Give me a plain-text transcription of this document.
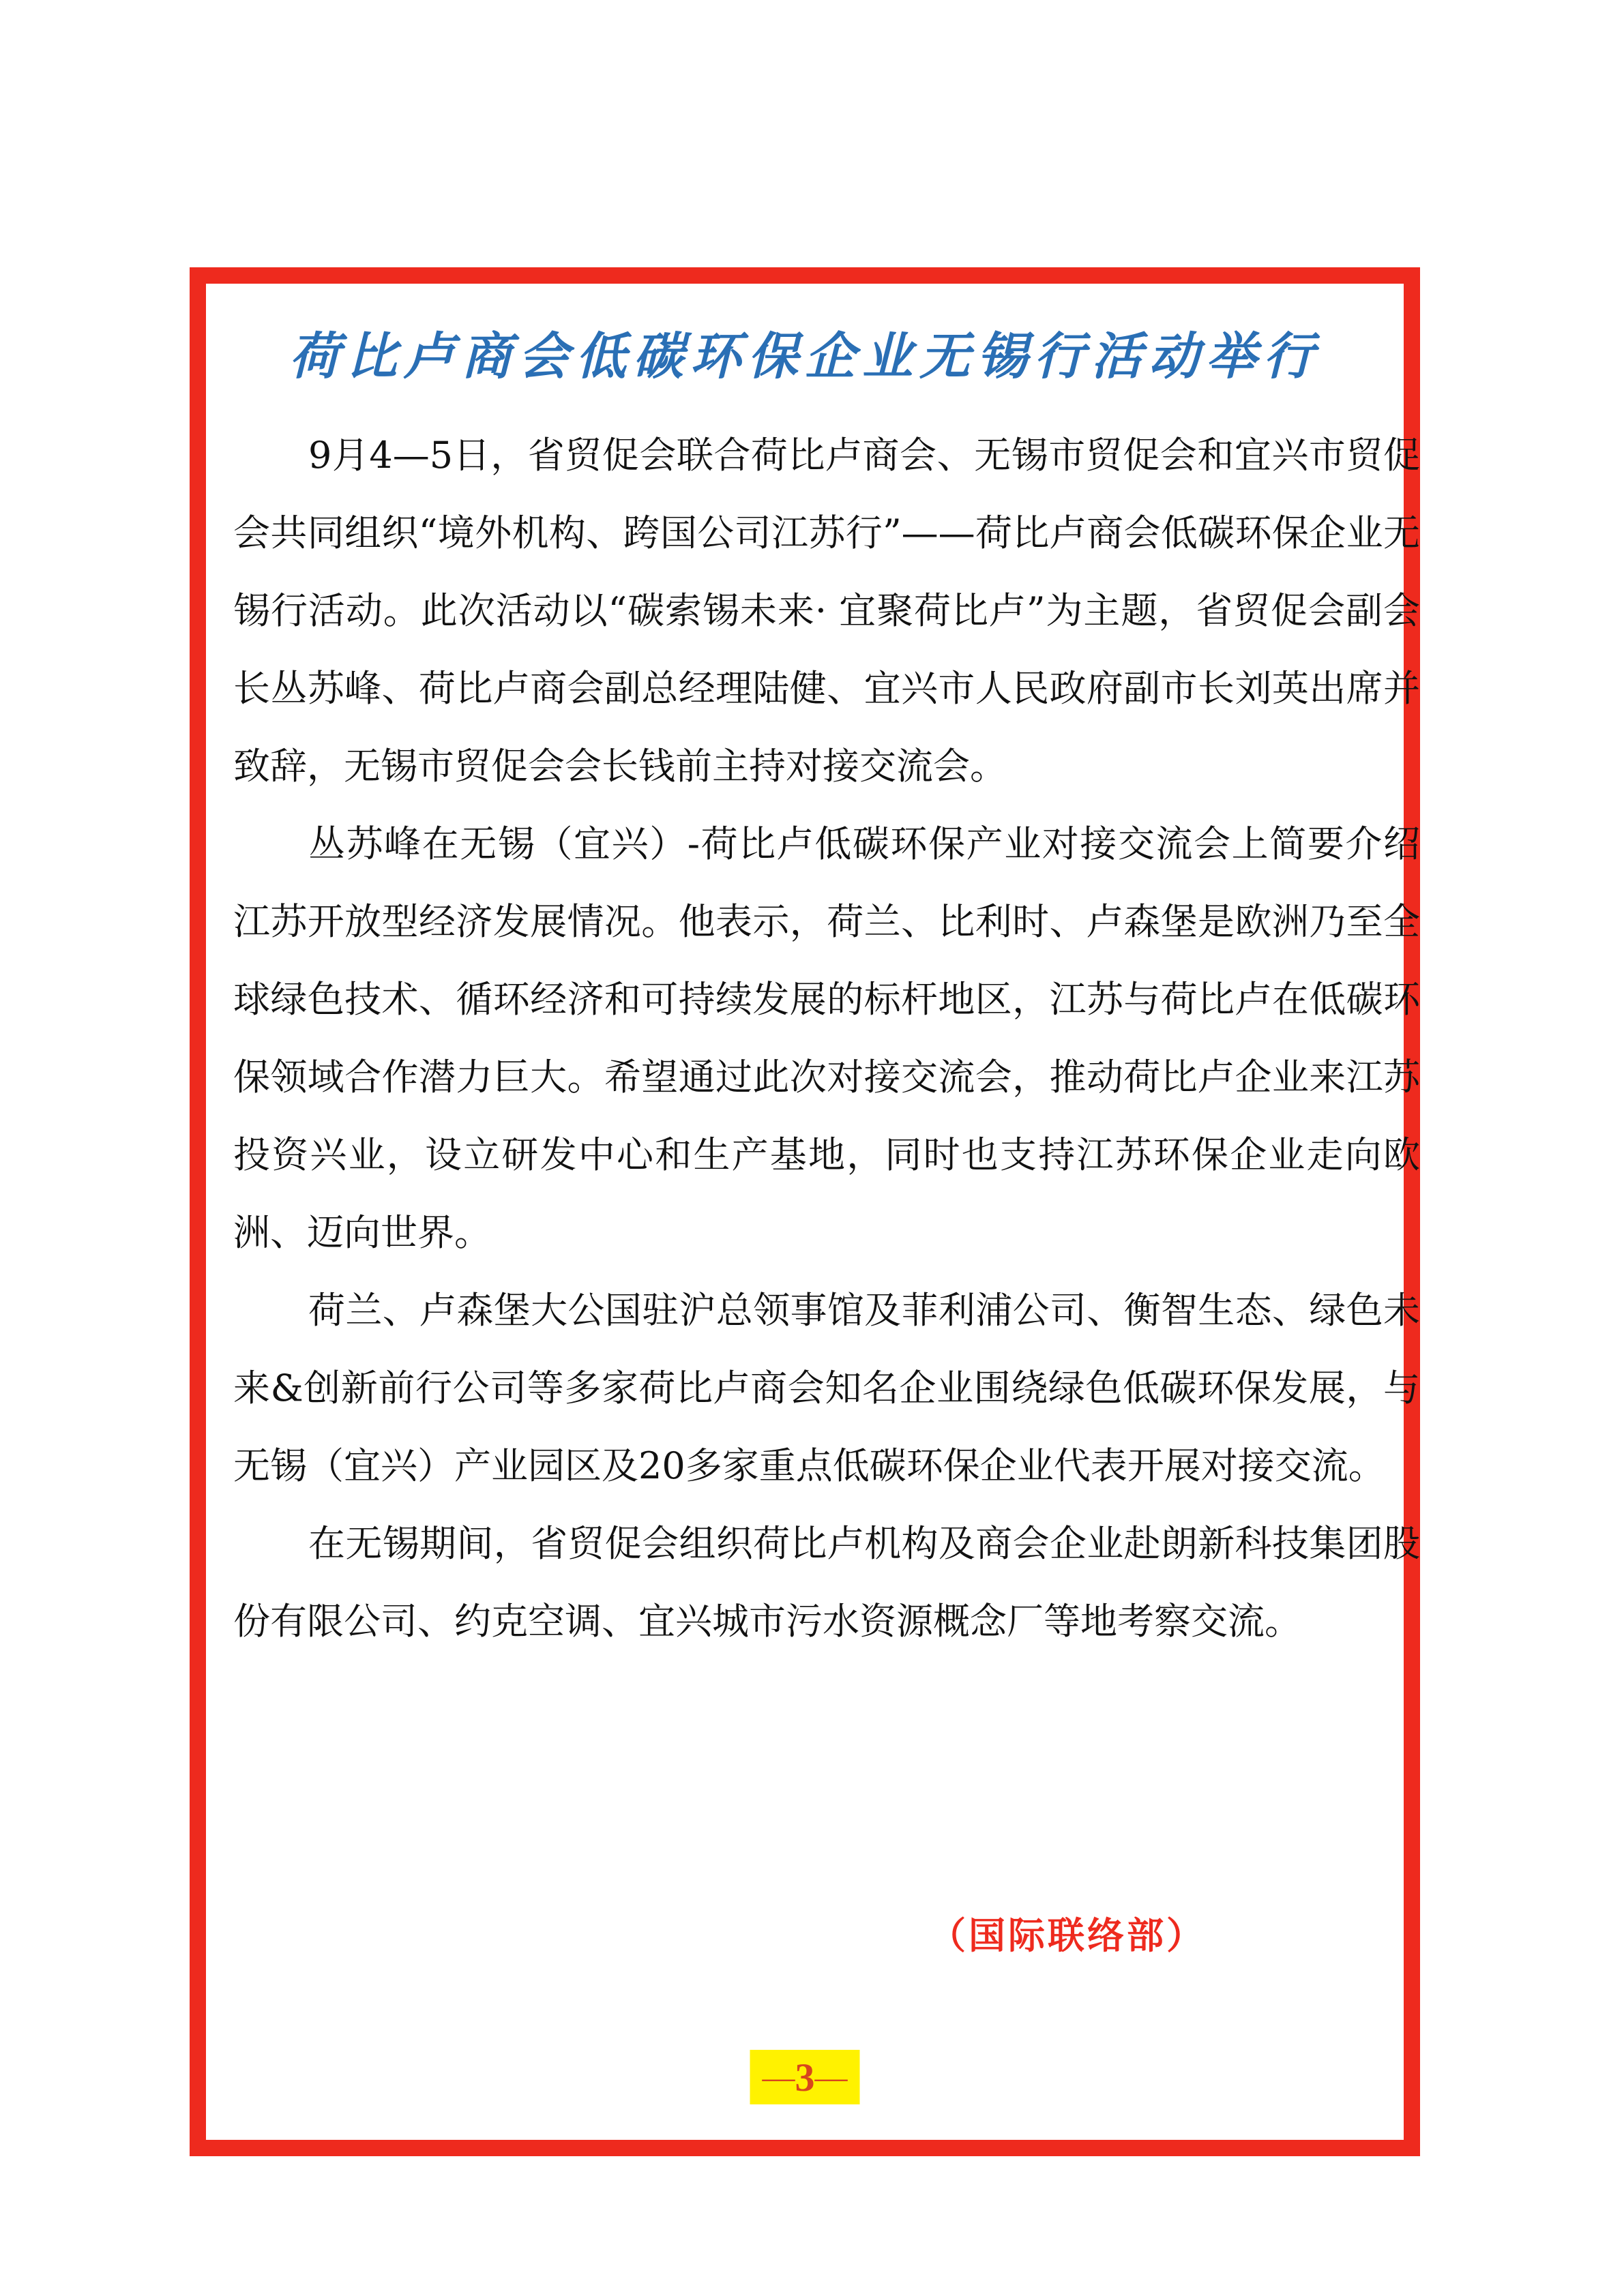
荷比卢商会低碳环保企业无锡行活动举行

9月4—5日，省贸促会联合荷比卢商会、无锡市贸促会和宜兴市贸促会共同组织“境外机构、跨国公司江苏行”——荷比卢商会低碳环保企业无锡行活动。此次活动以“碳索锡未来· 宜聚荷比卢”为主题，省贸促会副会长丛苏峰、荷比卢商会副总经理陆健、宜兴市人民政府副市长刘英出席并致辞，无锡市贸促会会长钱前主持对接交流会。

丛苏峰在无锡（宜兴）-荷比卢低碳环保产业对接交流会上简要介绍江苏开放型经济发展情况。他表示，荷兰、比利时、卢森堡是欧洲乃至全球绿色技术、循环经济和可持续发展的标杆地区，江苏与荷比卢在低碳环保领域合作潜力巨大。希望通过此次对接交流会，推动荷比卢企业来江苏投资兴业，设立研发中心和生产基地，同时也支持江苏环保企业走向欧洲、迈向世界。

荷兰、卢森堡大公国驻沪总领事馆及菲利浦公司、衡智生态、绿色未来&创新前行公司等多家荷比卢商会知名企业围绕绿色低碳环保发展，与无锡（宜兴）产业园区及20多家重点低碳环保企业代表开展对接交流。

在无锡期间，省贸促会组织荷比卢机构及商会企业赴朗新科技集团股份有限公司、约克空调、宜兴城市污水资源概念厂等地考察交流。

（国际联络部）
— 3 —
